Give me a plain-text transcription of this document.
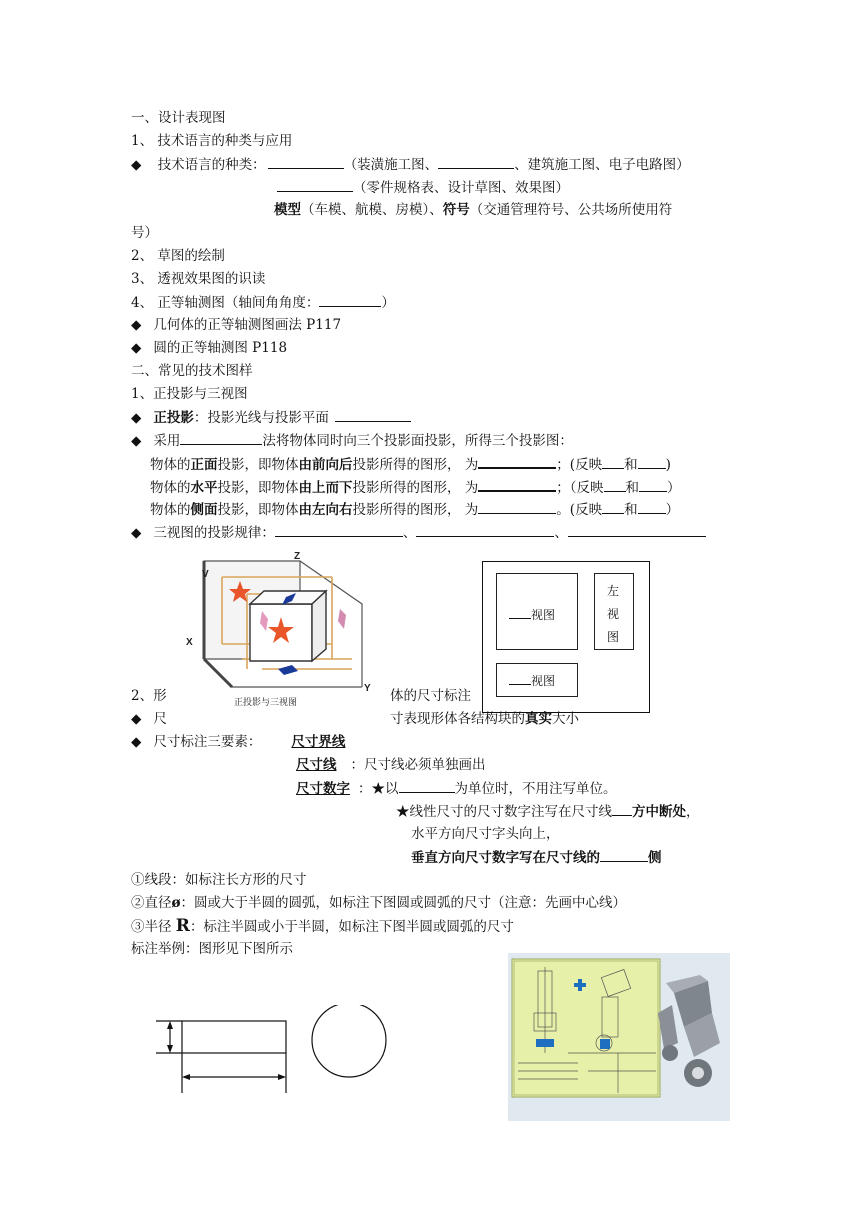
一、设计表现图
1、 技术语言的种类与应用
◆ 技术语言的种类：	（装潢施工图、	、建筑施工图、电子电路图）
（零件规格表、设计草图、效果图）
模型（车模、航模、房模）、符号（交通管理符号、公共场所使用符
号）
2、 草图的绘制
3、 透视效果图的识读
4、 正等轴测图（轴间角角度：	）
◆ 几何体的正等轴测图画法 P117
◆ 圆的正等轴测图 P118
二、常见的技术图样
1、正投影与三视图
◆ 正投影：投影光线与投影平面
◆ 采用	法将物体同时向三个投影面投影，所得三个投影图：
物体的正面投影，即物体由前向后投影所得的图形， 为	；(反映 和 )
物体的水平投影，即物体由上而下投影所得的图形， 为	；（反映 和 ）
物体的侧面投影，即物体由左向右投影所得的图形， 为	。(反映 和 ）
◆ 三视图的投影规律：	、	、
V
Z
X
Y
正投影与三视图
视图
左
视
图
视图
2、形	体的尺寸标注
◆ 尺	寸表现形体各结构块的真实大小
◆ 尺寸标注三要素： 尺寸界线
尺寸线 ：尺寸线必须单独画出
尺寸数字 ：★以	为单位时，不用注写单位。
★线性尺寸的尺寸数字注写在尺寸线 方中断处，
水平方向尺寸字头向上，
垂直方向尺寸数字写在尺寸线的	侧
①线段：如标注长方形的尺寸
②直径ø：圆或大于半圆的圆弧，如标注下图圆或圆弧的尺寸（注意：先画中心线）
③半径 R：标注半圆或小于半圆，如标注下图半圆或圆弧的尺寸
标注举例：图形见下图所示
